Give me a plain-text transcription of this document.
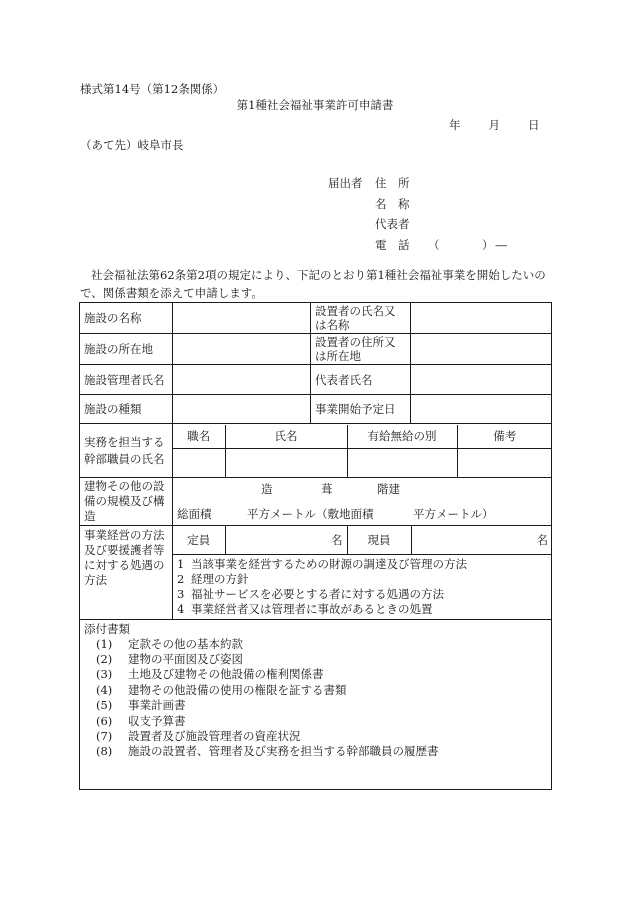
様式第14号（第12条関係）
第1種社会福祉事業許可申請書
年 月 日
（あて先）岐阜市長
届出者	住　所
名　称
代表者
電　話 （　　　）―
社会福祉法第62条第2項の規定により、下記のとおり第1種社会福祉事業を開始したいの
で、関係書類を添えて申請します。
施設の名称		設置者の氏名又は名称	
施設の所在地		設置者の住所又は所在地	
施設管理者氏名		代表者氏名	
施設の種類		事業開始予定日	
実務を担当する幹部職員の氏名	
職名	氏名	有給無給の別	備考

建物その他の設備の規模及び構造	
造	葺	階建
総面積	平方メートル（敷地面積	平方メートル）

事業経営の方法及び要援護者等に対する処遇の方法	
定員	名	現員	名
1 当該事業を経営するための財源の調達及び管理の方法
2 経理の方針
3 福祉サービスを必要とする者に対する処遇の方法
4 事業経営者又は管理者に事故があるときの処置

添付書類
(1) 定款その他の基本約款
(2) 建物の平面図及び姿図
(3) 土地及び建物その他設備の権利関係書
(4) 建物その他設備の使用の権限を証する書類
(5) 事業計画書
(6) 収支予算書
(7) 設置者及び施設管理者の資産状況
(8) 施設の設置者、管理者及び実務を担当する幹部職員の履歴書
